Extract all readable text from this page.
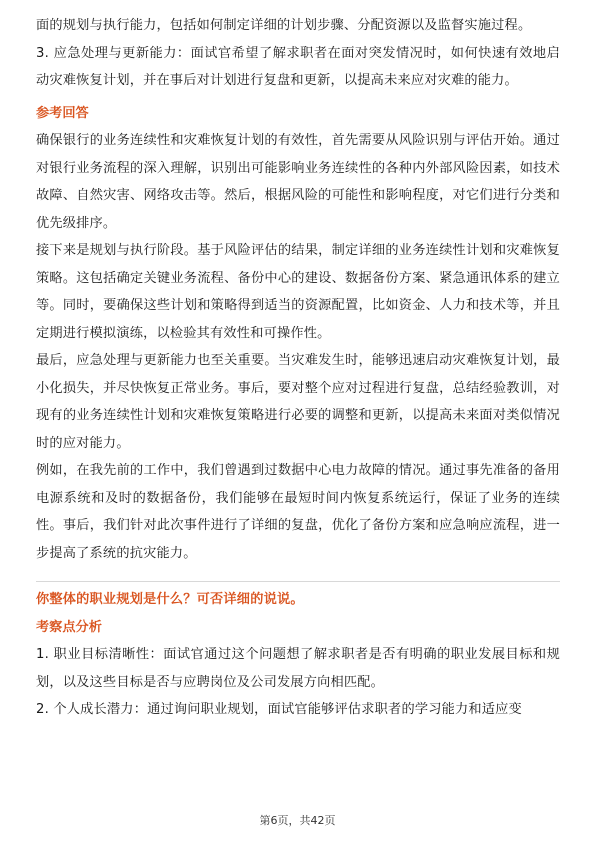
面的规划与执行能力，包括如何制定详细的计划步骤、分配资源以及监督实施过程。

3. 应急处理与更新能力：面试官希望了解求职者在面对突发情况时，如何快速有效地启动灾难恢复计划，并在事后对计划进行复盘和更新，以提高未来应对灾难的能力。

参考回答

确保银行的业务连续性和灾难恢复计划的有效性，首先需要从风险识别与评估开始。通过对银行业务流程的深入理解，识别出可能影响业务连续性的各种内外部风险因素，如技术故障、自然灾害、网络攻击等。然后，根据风险的可能性和影响程度，对它们进行分类和优先级排序。

接下来是规划与执行阶段。基于风险评估的结果，制定详细的业务连续性计划和灾难恢复策略。这包括确定关键业务流程、备份中心的建设、数据备份方案、紧急通讯体系的建立等。同时，要确保这些计划和策略得到适当的资源配置，比如资金、人力和技术等，并且定期进行模拟演练，以检验其有效性和可操作性。

最后，应急处理与更新能力也至关重要。当灾难发生时，能够迅速启动灾难恢复计划，最小化损失，并尽快恢复正常业务。事后，要对整个应对过程进行复盘，总结经验教训，对现有的业务连续性计划和灾难恢复策略进行必要的调整和更新，以提高未来面对类似情况时的应对能力。

例如，在我先前的工作中，我们曾遇到过数据中心电力故障的情况。通过事先准备的备用电源系统和及时的数据备份，我们能够在最短时间内恢复系统运行，保证了业务的连续性。事后，我们针对此次事件进行了详细的复盘，优化了备份方案和应急响应流程，进一步提高了系统的抗灾能力。

你整体的职业规划是什么？可否详细的说说。

考察点分析

1. 职业目标清晰性：面试官通过这个问题想了解求职者是否有明确的职业发展目标和规划，以及这些目标是否与应聘岗位及公司发展方向相匹配。

2. 个人成长潜力：通过询问职业规划，面试官能够评估求职者的学习能力和适应变

第6页，共42页
